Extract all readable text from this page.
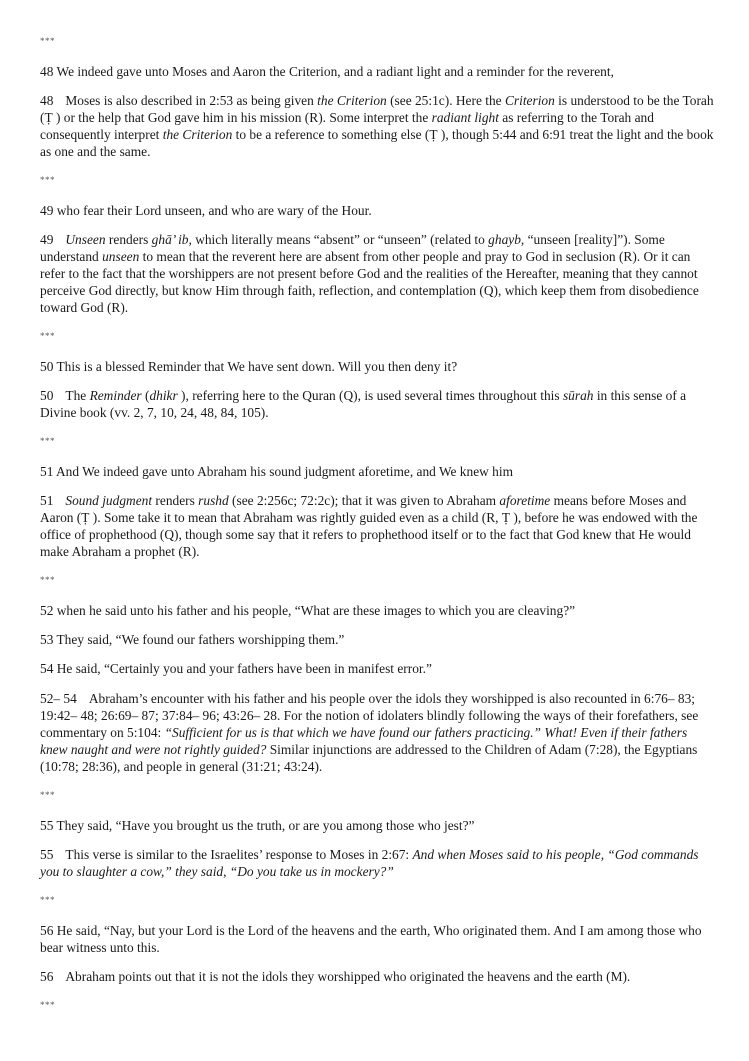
***

48 We indeed gave unto Moses and Aaron the Criterion, and a radiant light and a reminder for the reverent,

48 Moses is also described in 2:53 as being given the Criterion (see 25:1c). Here the Criterion is understood to be the Torah (Ṭ ) or the help that God gave him in his mission (R). Some interpret the radiant light as referring to the Torah and consequently interpret the Criterion to be a reference to something else (Ṭ ), though 5:44 and 6:91 treat the light and the book as one and the same.

***

49 who fear their Lord unseen, and who are wary of the Hour.

49 Unseen renders ghā’ ib, which literally means “absent” or “unseen” (related to ghayb, “unseen [reality]”). Some understand unseen to mean that the reverent here are absent from other people and pray to God in seclusion (R). Or it can refer to the fact that the worshippers are not present before God and the realities of the Hereafter, meaning that they cannot perceive God directly, but know Him through faith, reflection, and contemplation (Q), which keep them from disobedience toward God (R).

***

50 This is a blessed Reminder that We have sent down. Will you then deny it?

50 The Reminder (dhikr ), referring here to the Quran (Q), is used several times throughout this sūrah in this sense of a Divine book (vv. 2, 7, 10, 24, 48, 84, 105).

***

51 And We indeed gave unto Abraham his sound judgment aforetime, and We knew him

51 Sound judgment renders rushd (see 2:256c; 72:2c); that it was given to Abraham aforetime means before Moses and Aaron (Ṭ ). Some take it to mean that Abraham was rightly guided even as a child (R, Ṭ ), before he was endowed with the office of prophethood (Q), though some say that it refers to prophethood itself or to the fact that God knew that He would make Abraham a prophet (R).

***

52 when he said unto his father and his people, “What are these images to which you are cleaving?”

53 They said, “We found our fathers worshipping them.”

54 He said, “Certainly you and your fathers have been in manifest error.”

52– 54 Abraham’s encounter with his father and his people over the idols they worshipped is also recounted in 6:76– 83; 19:42– 48; 26:69– 87; 37:84– 96; 43:26– 28. For the notion of idolaters blindly following the ways of their forefathers, see commentary on 5:104: “Sufficient for us is that which we have found our fathers practicing.” What! Even if their fathers knew naught and were not rightly guided? Similar injunctions are addressed to the Children of Adam (7:28), the Egyptians (10:78; 28:36), and people in general (31:21; 43:24).

***

55 They said, “Have you brought us the truth, or are you among those who jest?”

55 This verse is similar to the Israelites’ response to Moses in 2:67: And when Moses said to his people, “God commands you to slaughter a cow,” they said, “Do you take us in mockery?”

***

56 He said, “Nay, but your Lord is the Lord of the heavens and the earth, Who originated them. And I am among those who bear witness unto this.

56 Abraham points out that it is not the idols they worshipped who originated the heavens and the earth (M).

***
